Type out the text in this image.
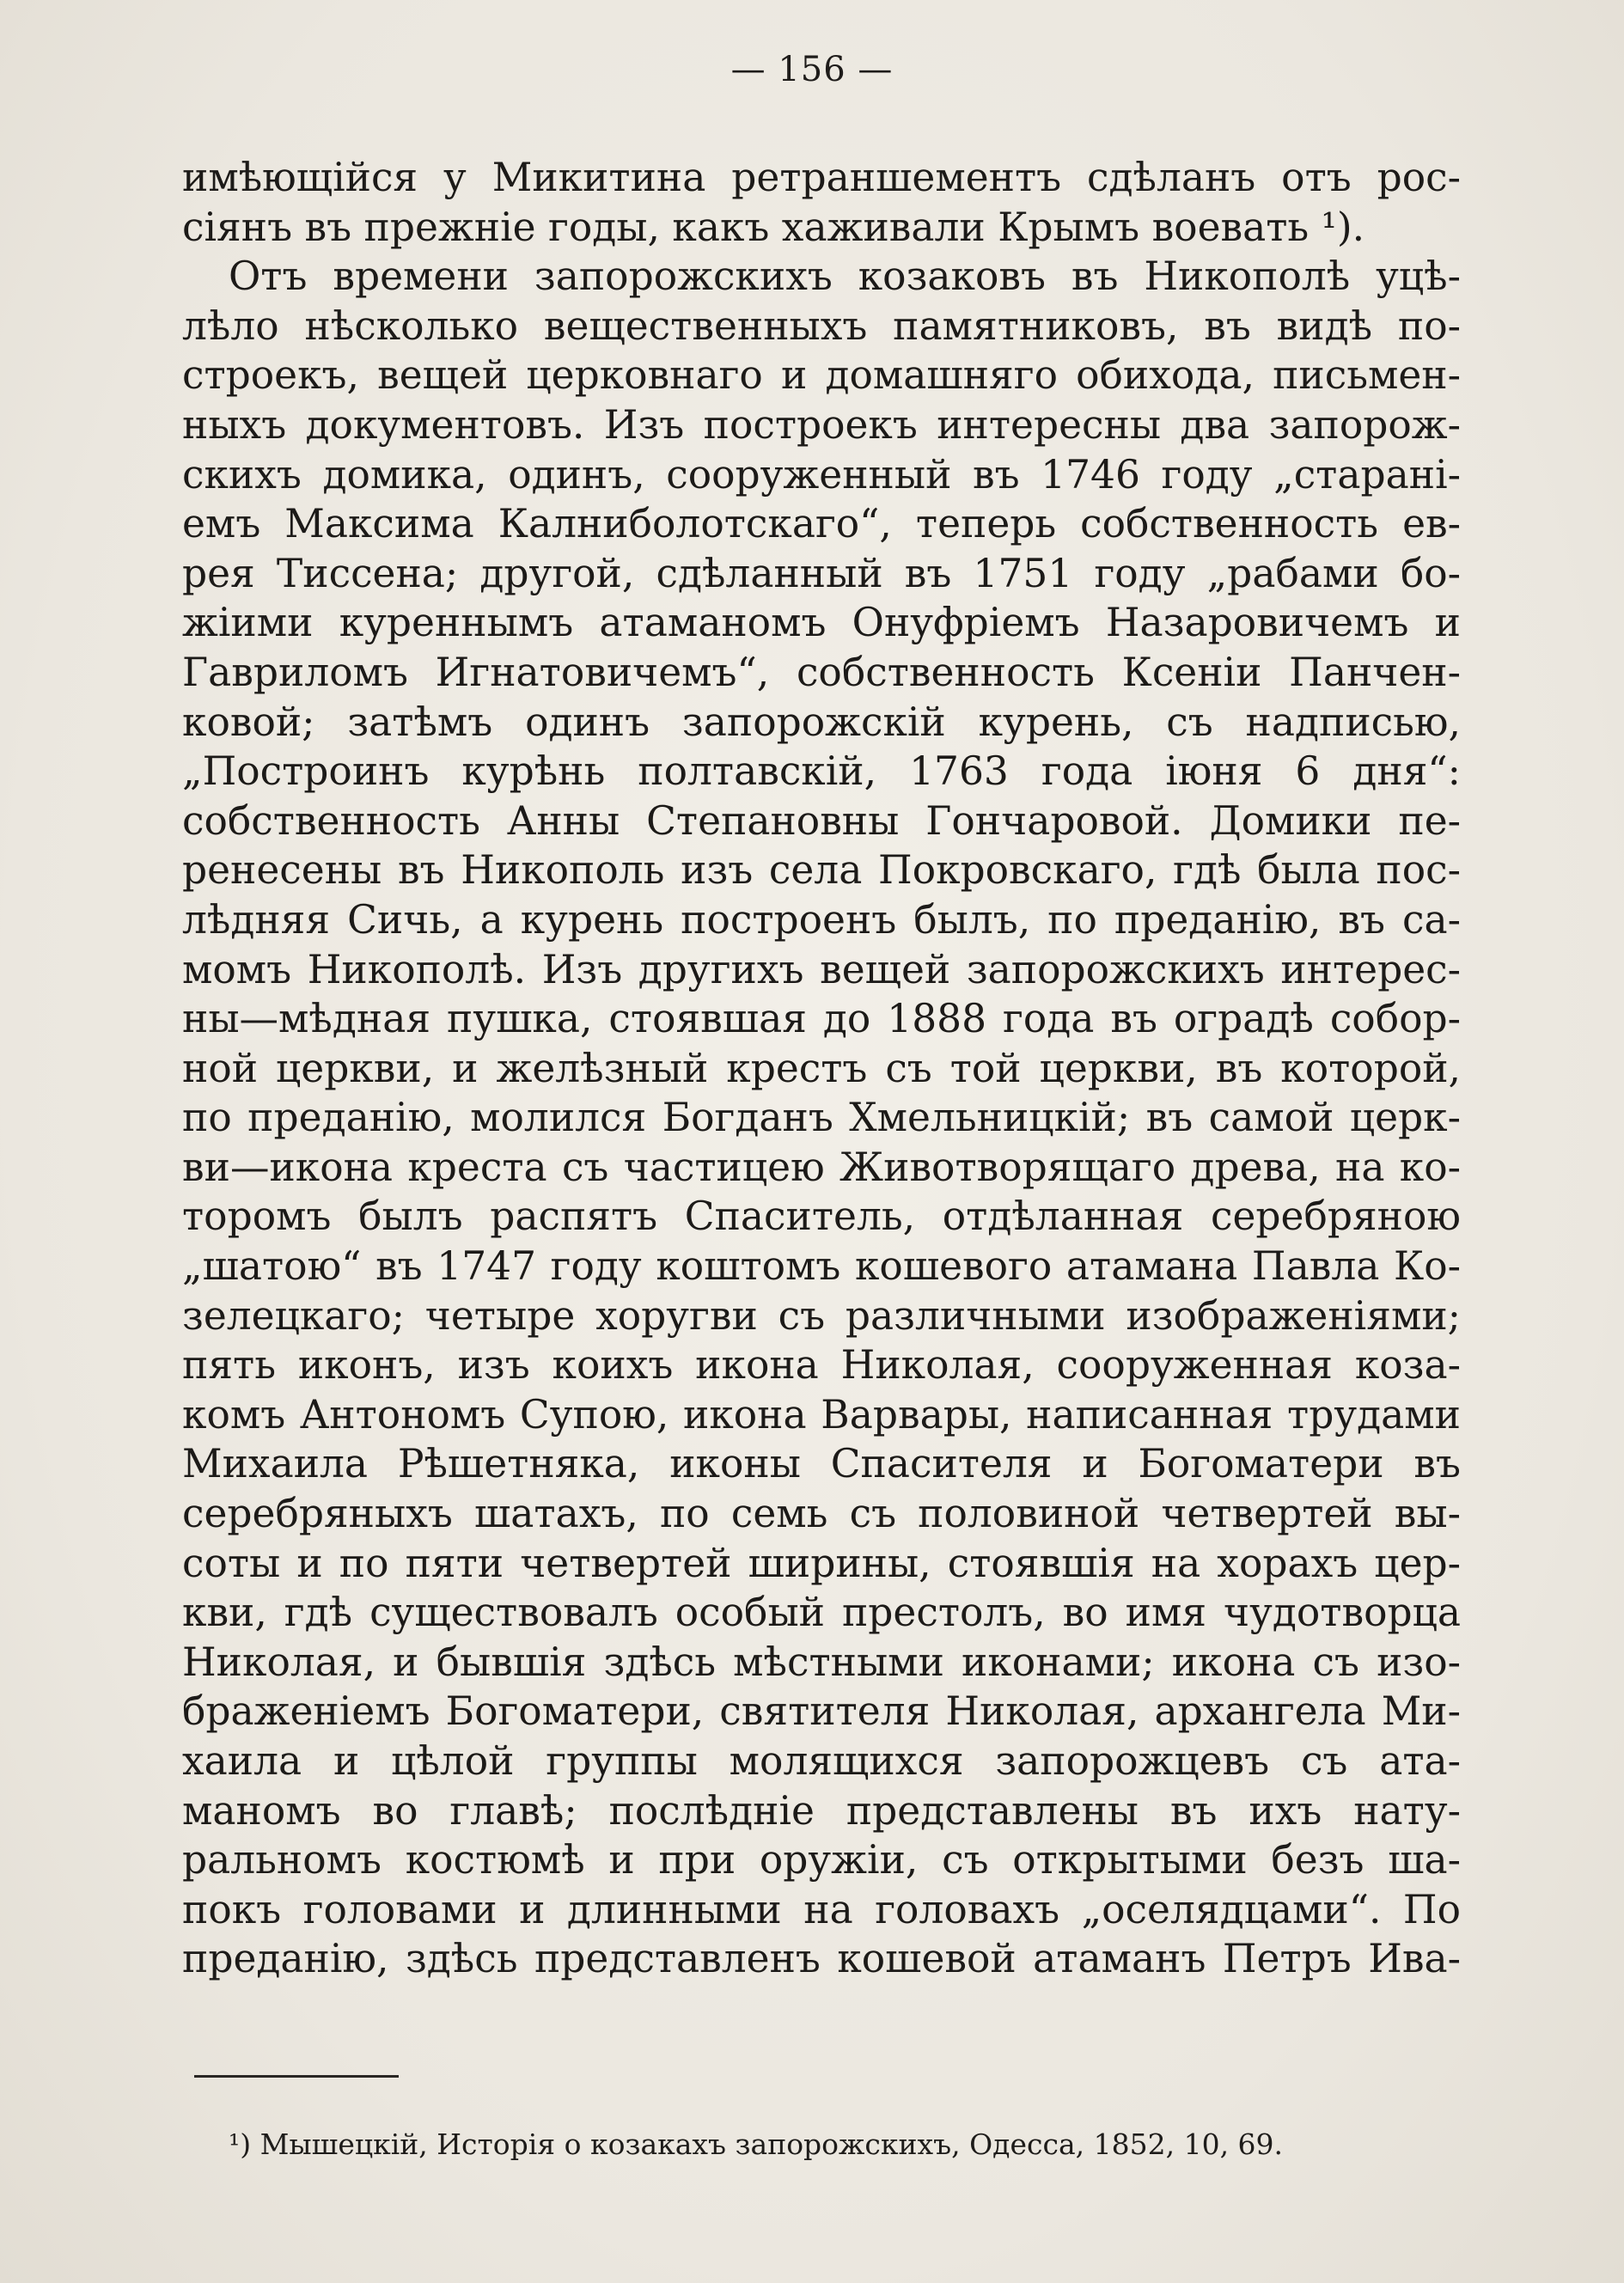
— 156 —
имѣющійся у Микитина ретраншементъ сдѣланъ отъ рос-
сіянъ въ прежніе годы, какъ хаживали Крымъ воевать ¹).
Отъ времени запорожскихъ козаковъ въ Никополѣ уцѣ-
лѣло нѣсколько вещественныхъ памятниковъ, въ видѣ по-
строекъ, вещей церковнаго и домашняго обихода, письмен-
ныхъ документовъ. Изъ построекъ интересны два запорож-
скихъ домика, одинъ, сооруженный въ 1746 году „старанi-
емъ Максима Калниболотскаго“, теперь собственность ев-
рея Тиссена; другой, сдѣланный въ 1751 году „рабами бо-
жіими куреннымъ атаманомъ Онуфріемъ Назаровичемъ и
Гавриломъ Игнатовичемъ“, собственность Ксеніи Панчен-
ковой; затѣмъ одинъ запорожскій курень, съ надписью,
„Построинъ курѣнь полтавскій, 1763 года іюня 6 дня“:
собственность Анны Степановны Гончаровой. Домики пе-
ренесены въ Никополь изъ села Покровскаго, гдѣ была пос-
лѣдняя Сичь, а курень построенъ былъ, по преданію, въ са-
момъ Никополѣ. Изъ другихъ вещей запорожскихъ интерес-
ны—мѣдная пушка, стоявшая до 1888 года въ оградѣ собор-
ной церкви, и желѣзный крестъ съ той церкви, въ которой,
по преданію, молился Богданъ Хмельницкій; въ самой церк-
ви—икона креста съ частицею Животворящаго древа, на ко-
торомъ былъ распятъ Спаситель, отдѣланная серебряною
„шатою“ въ 1747 году коштомъ кошевого атамана Павла Ко-
зелецкаго; четыре хоругви съ различными изображеніями;
пять иконъ, изъ коихъ икона Николая, сооруженная коза-
комъ Антономъ Супою, икона Варвары, написанная трудами
Михаила Рѣшетняка, иконы Спасителя и Богоматери въ
серебряныхъ шатахъ, по семь съ половиной четвертей вы-
соты и по пяти четвертей ширины, стоявшія на хорахъ цер-
кви, гдѣ существовалъ особый престолъ, во имя чудотворца
Николая, и бывшія здѣсь мѣстными иконами; икона съ изо-
браженіемъ Богоматери, святителя Николая, архангела Ми-
хаила и цѣлой группы молящихся запорожцевъ съ ата-
маномъ во главѣ; послѣдніе представлены въ ихъ нату-
ральномъ костюмѣ и при оружіи, съ открытыми безъ ша-
покъ головами и длинными на головахъ „оселядцами“. По
преданію, здѣсь представленъ кошевой атаманъ Петръ Ива-
¹) Мышецкій, Исторія о козакахъ запорожскихъ, Одесса, 1852, 10, 69.
